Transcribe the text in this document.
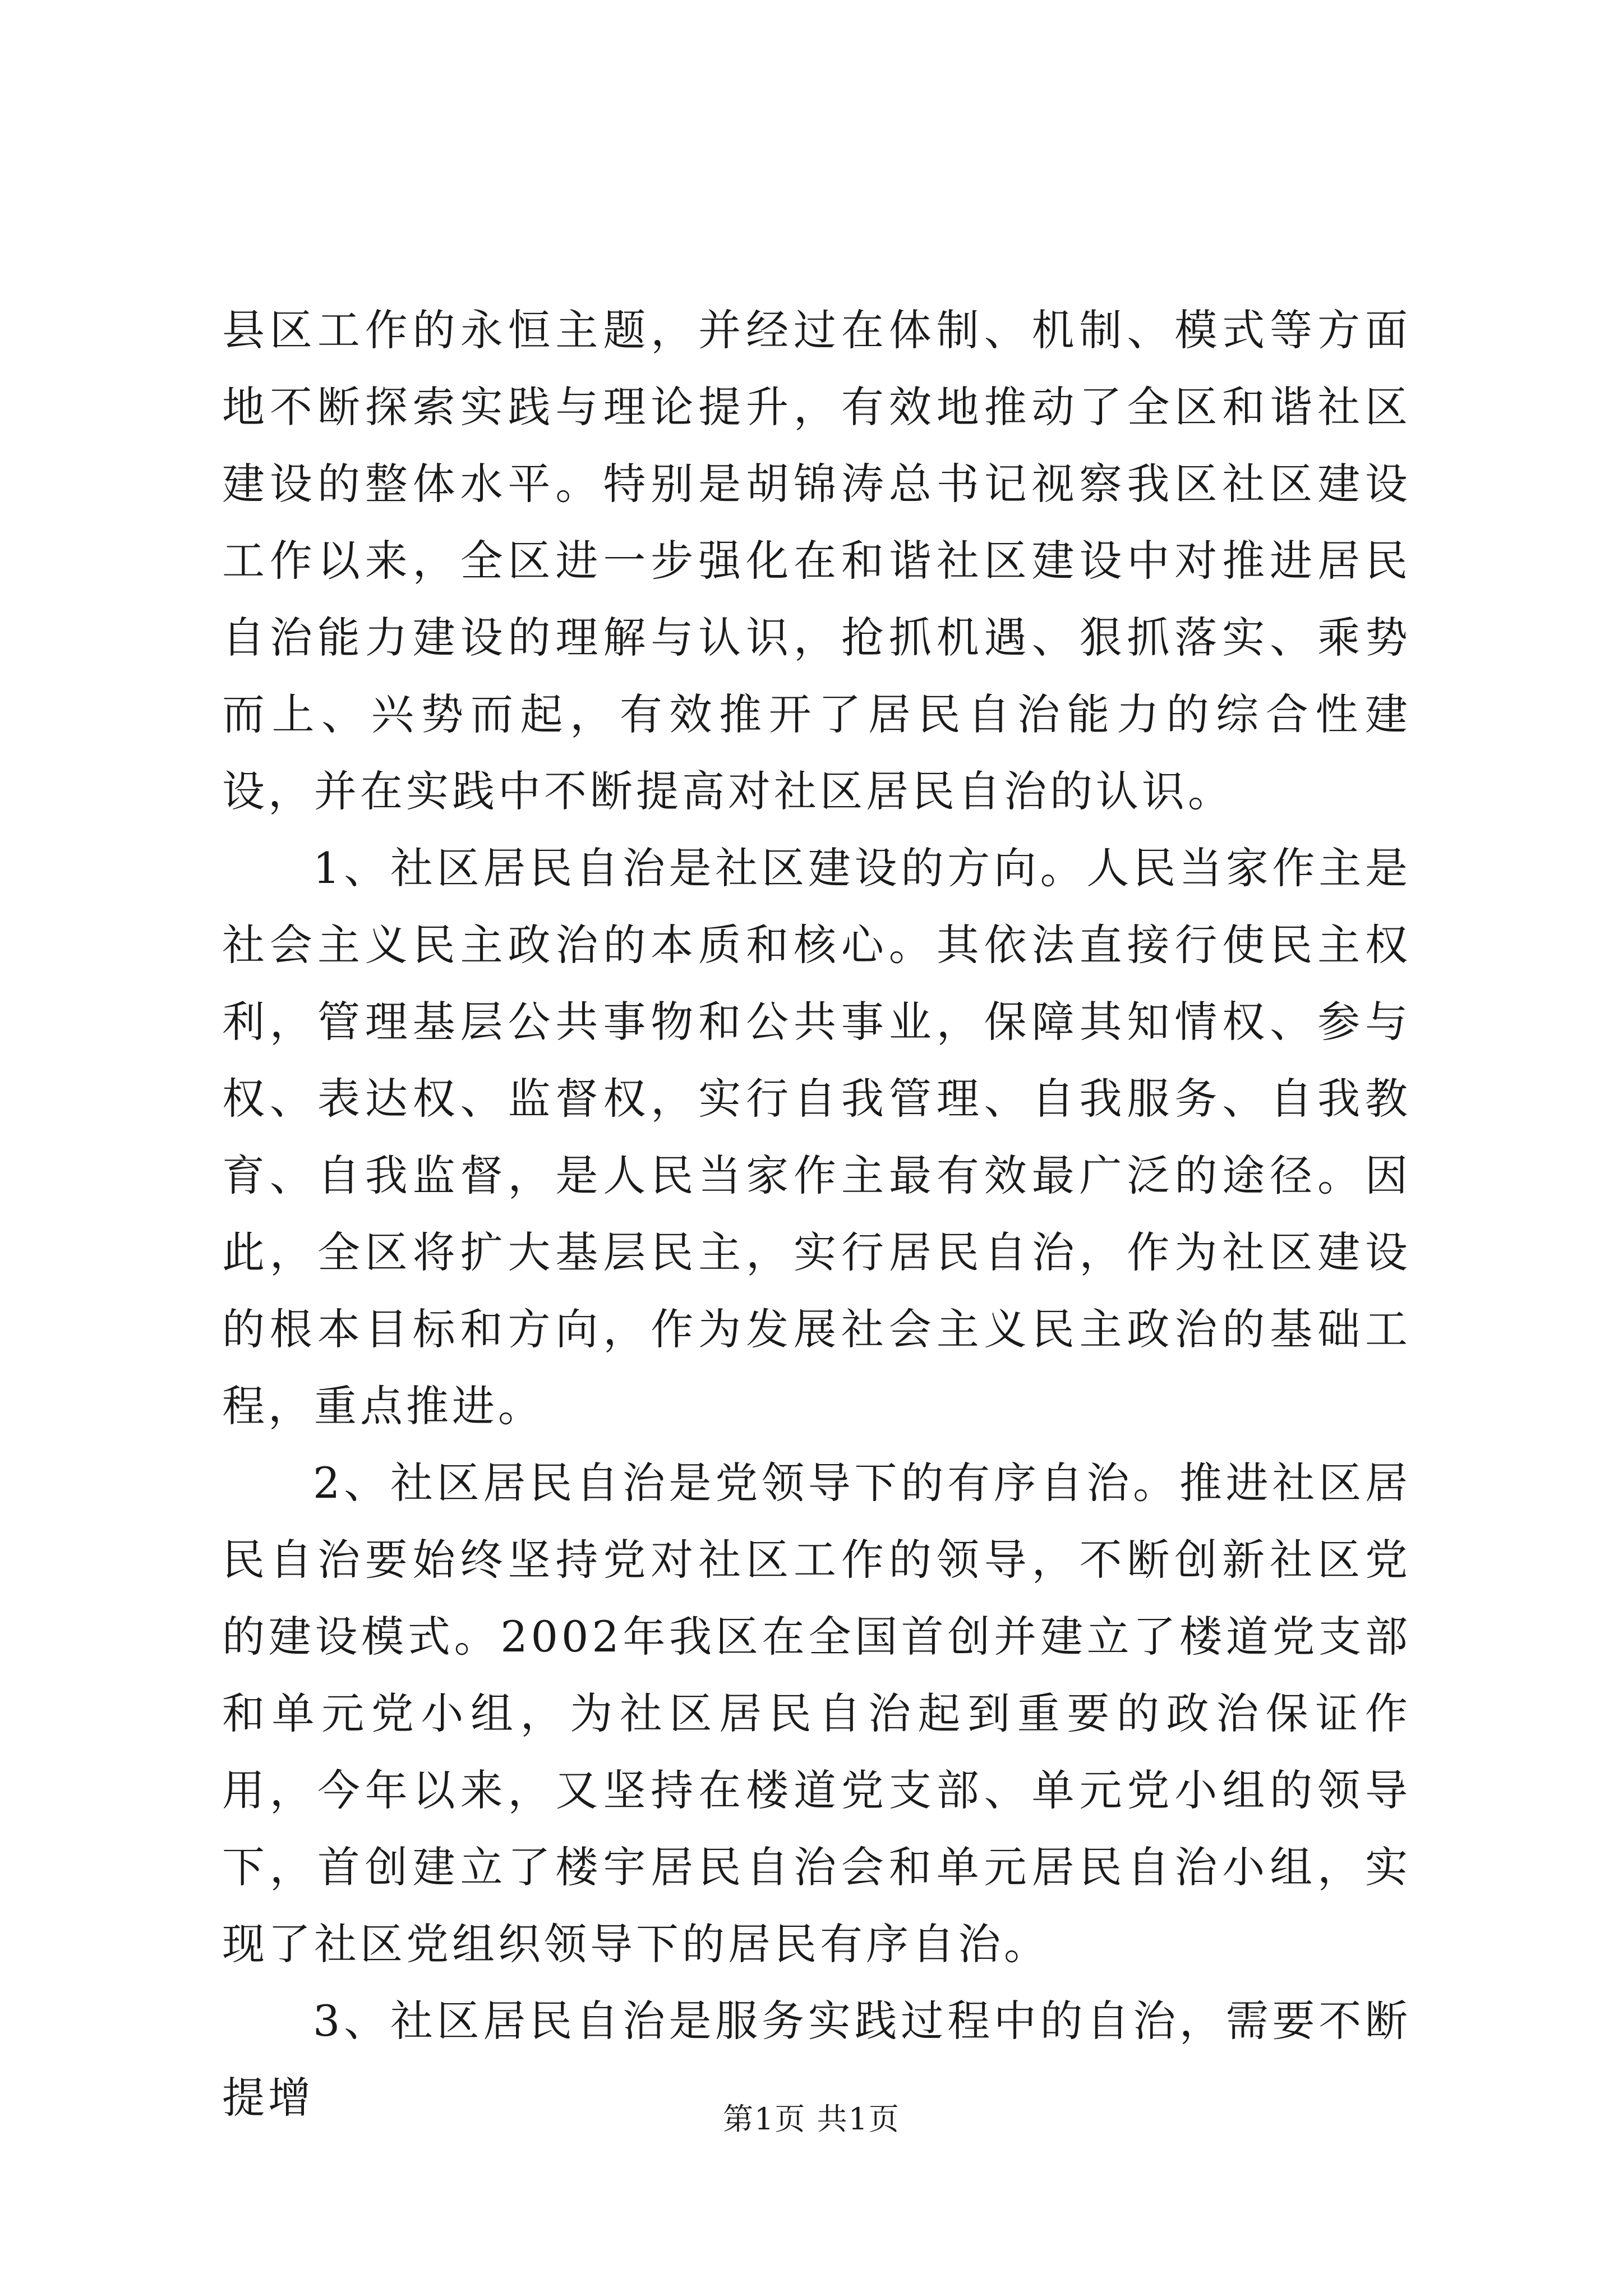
县区工作的永恒主题，并经过在体制、机制、模式等方面地不断探索实践与理论提升，有效地推动了全区和谐社区建设的整体水平。特别是胡锦涛总书记视察我区社区建设工作以来，全区进一步强化在和谐社区建设中对推进居民自治能力建设的理解与认识，抢抓机遇、狠抓落实、乘势而上、兴势而起，有效推开了居民自治能力的综合性建设，并在实践中不断提高对社区居民自治的认识。

1、社区居民自治是社区建设的方向。人民当家作主是社会主义民主政治的本质和核心。其依法直接行使民主权利，管理基层公共事物和公共事业，保障其知情权、参与权、表达权、监督权，实行自我管理、自我服务、自我教育、自我监督，是人民当家作主最有效最广泛的途径。因此，全区将扩大基层民主，实行居民自治，作为社区建设的根本目标和方向，作为发展社会主义民主政治的基础工程，重点推进。

2、社区居民自治是党领导下的有序自治。推进社区居民自治要始终坚持党对社区工作的领导，不断创新社区党的建设模式。2002年我区在全国首创并建立了楼道党支部和单元党小组，为社区居民自治起到重要的政治保证作用，今年以来，又坚持在楼道党支部、单元党小组的领导下，首创建立了楼宇居民自治会和单元居民自治小组，实现了社区党组织领导下的居民有序自治。

3、社区居民自治是服务实践过程中的自治，需要不断提增	第1页 共1页
